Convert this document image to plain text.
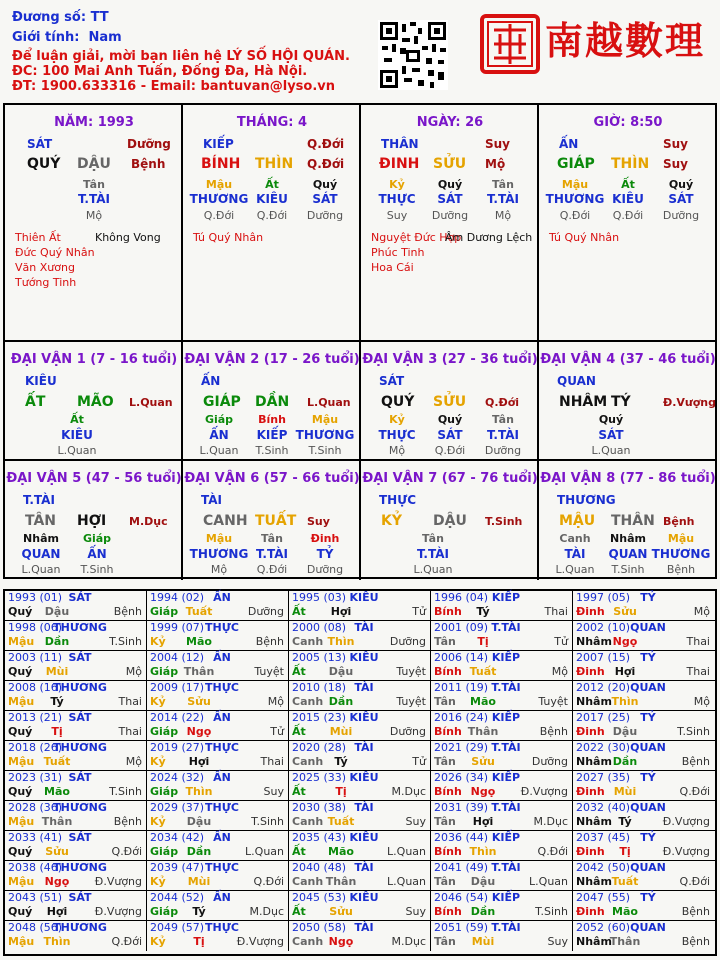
Đương số: TT
Giới tính: Nam
Để luận giải, mời bạn liên hệ LÝ SỐ HỘI QUÁN.
ĐC: 100 Mai Anh Tuấn, Đống Đa, Hà Nội.
ĐT: 1900.633316 - Email: bantuvan@lyso.vn
南越數理
NĂM: 1993
SÁT	Dưỡng
QUÝ DẬU Bệnh
Tân
T.TÀI
Mộ
Thiên Ất	Không Vong
Đức Quý Nhân
Văn Xương
Tướng Tinh
THÁNG: 4
KIẾP	Q.Đới
BÍNH THÌN Q.Đới
Mậu
THƯƠNG
Q.Đới
Ất
KIÊU
Q.Đới
Quý
SÁT
Dưỡng
Tú Quý Nhân
NGÀY: 26
THÂN	Suy
ĐINH SỬU Mộ
Kỷ
THỰC
Suy
Quý
SÁT
Dưỡng
Tân
T.TÀI
Mộ
Nguyệt Đức Hợp
Âm Dương Lệch
Phúc Tinh
Hoa Cái
GIỜ: 8:50
ẤN	Suy
GIÁP THÌN Suy
Mậu
THƯƠNG
Q.Đới
Ất
KIÊU
Q.Đới
Quý
SÁT
Dưỡng
Tú Quý Nhân
ĐẠI VẬN 1 (7 - 16 tuổi)
KIÊU
ẤT MÃO L.Quan
Ất
KIÊU
L.Quan
ĐẠI VẬN 2 (17 - 26 tuổi)
ẤN
GIÁP DẦN L.Quan
Giáp
ẤN
L.Quan
Bính
KIẾP
T.Sinh
Mậu
THƯƠNG
T.Sinh
ĐẠI VẬN 3 (27 - 36 tuổi)
SÁT
QUÝ SỬU Q.Đới
Kỷ
THỰC
Mộ
Quý
SÁT
Q.Đới
Tân
T.TÀI
Dưỡng
ĐẠI VẬN 4 (37 - 46 tuổi)
QUAN
NHÂM TÝ	Đ.Vượng
Quý
SÁT
L.Quan
ĐẠI VẬN 5 (47 - 56 tuổi)
T.TÀI
TÂN HỢI M.Dục
Nhâm
QUAN
L.Quan
Giáp
ẤN
T.Sinh
ĐẠI VẬN 6 (57 - 66 tuổi)
TÀI
CANH TUẤT Suy
Mậu
THƯƠNG
Mộ
Tân
T.TÀI
Q.Đới
Đinh
TỶ
Dưỡng
ĐẠI VẬN 7 (67 - 76 tuổi)
THỰC
KỶ DẬU T.Sinh
Tân
T.TÀI
L.Quan
ĐẠI VẬN 8 (77 - 86 tuổi)
THƯƠNG
MẬU THÂN Bệnh
Canh
TÀI
L.Quan
Nhâm
QUAN
T.Sinh
Mậu
THƯƠNG
Bệnh
1993 (01) SÁT
Quý Dậu	Bệnh
1994 (02) ẤN
Giáp Tuất	Dưỡng
1995 (03) KIÊU
Ất Hợi	Tử
1996 (04) KIẾP
Bính Tý	Thai
1997 (05) TỶ
Đinh Sửu	Mộ
1998 (06)
THƯƠNG
Mậu Dần	T.Sinh
1999 (07) THỰC
Kỷ Mão	Bệnh
2000 (08) TÀI
Canh Thìn	Dưỡng
2001 (09) T.TÀI
Tân Tị	Tử
2002 (10) QUAN
Nhâm Ngọ	Thai
2003 (11) SÁT
Quý Mùi	Mộ
2004 (12) ẤN
Giáp Thân	Tuyệt
2005 (13) KIÊU
Ất Dậu	Tuyệt
2006 (14) KIẾP
Bính Tuất	Mộ
2007 (15) TỶ
Đinh Hợi	Thai
2008 (16)
THƯƠNG
Mậu Tý	Thai
2009 (17) THỰC
Kỷ Sửu	Mộ
2010 (18) TÀI
Canh Dần	Tuyệt
2011 (19) T.TÀI
Tân Mão	Tuyệt
2012 (20) QUAN
Nhâm Thìn	Mộ
2013 (21) SÁT
Quý Tị	Thai
2014 (22) ẤN
Giáp Ngọ	Tử
2015 (23) KIÊU
Ất Mùi	Dưỡng
2016 (24) KIẾP
Bính Thân	Bệnh
2017 (25) TỶ
Đinh Dậu	T.Sinh
2018 (26)
THƯƠNG
Mậu Tuất	Mộ
2019 (27) THỰC
Kỷ Hợi	Thai
2020 (28) TÀI
Canh Tý	Tử
2021 (29) T.TÀI
Tân Sửu	Dưỡng
2022 (30) QUAN
Nhâm Dần	Bệnh
2023 (31) SÁT
Quý Mão	T.Sinh
2024 (32) ẤN
Giáp Thìn	Suy
2025 (33) KIÊU
Ất	Tị	M.Dục
2026 (34) KIẾP
Bính Ngọ Đ.Vượng
2027 (35) TỶ
Đinh Mùi	Q.Đới
2028 (36)
THƯƠNG
Mậu Thân	Bệnh
2029 (37) THỰC
Kỷ Dậu	T.Sinh
2030 (38) TÀI
Canh Tuất	Suy
2031 (39) T.TÀI
Tân Hợi	M.Dục
2032 (40) QUAN
Nhâm Tý	Đ.Vượng
2033 (41) SÁT
Quý Sửu	Q.Đới
2034 (42) ẤN
Giáp Dần	L.Quan
2035 (43) KIÊU
Ất Mão	L.Quan
2036 (44) KIẾP
Bính Thìn	Q.Đới
2037 (45) TỶ
Đinh Tị	Đ.Vượng
2038 (46)
THƯƠNG
Mậu Ngọ Đ.Vượng
2039 (47) THỰC
Kỷ Mùi	Q.Đới
2040 (48) TÀI
Canh Thân	L.Quan
2041 (49) T.TÀI
Tân Dậu	L.Quan
2042 (50) QUAN
Nhâm Tuất	Q.Đới
2043 (51) SÁT
Quý Hợi	Đ.Vượng
2044 (52) ẤN
Giáp Tý	M.Dục
2045 (53) KIÊU
Ất Sửu	Suy
2046 (54) KIẾP
Bính Dần	T.Sinh
2047 (55) TỶ
Đinh Mão	Bệnh
2048 (56)
THƯƠNG
Mậu Thìn	Q.Đới
2049 (57) THỰC
Kỷ	Tị	Đ.Vượng
2050 (58) TÀI
Canh Ngọ	M.Dục
2051 (59) T.TÀI
Tân Mùi	Suy
2052 (60) QUAN
Nhâm
Thân	Bệnh
